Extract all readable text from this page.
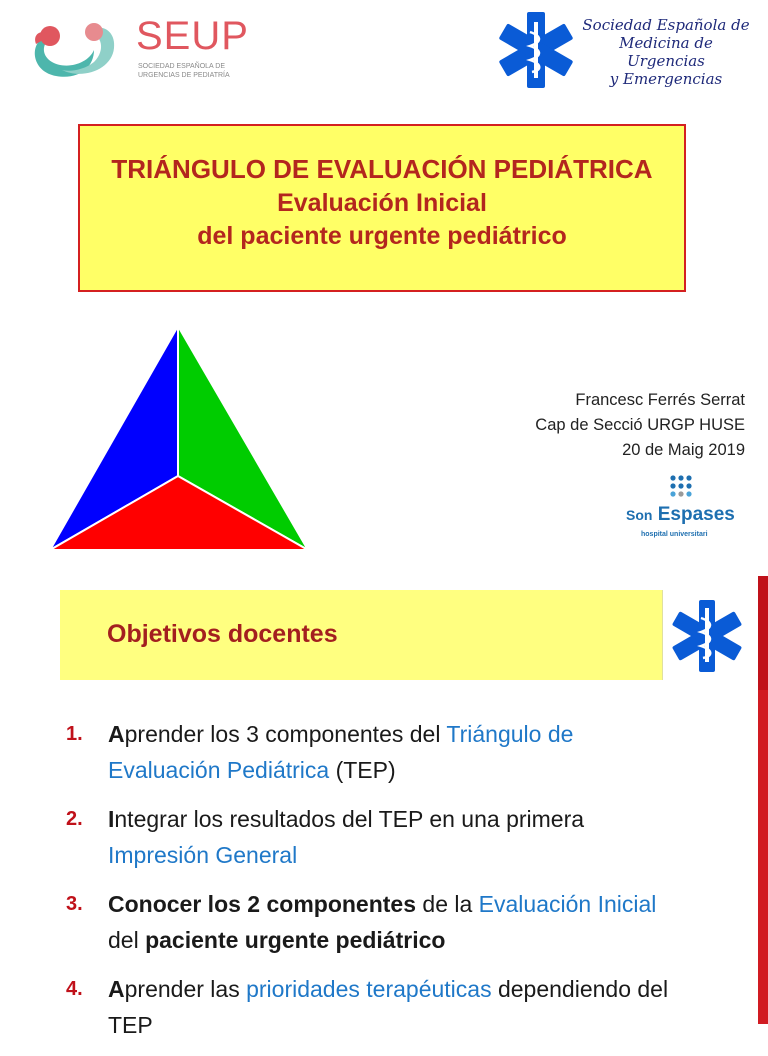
SEUP
SOCIEDAD ESPAÑOLA DE
URGENCIAS DE PEDIATRÍA
Sociedad Española de
Medicina de Urgencias
y Emergencias
TRIÁNGULO DE EVALUACIÓN PEDIÁTRICA
Evaluación Inicial
del paciente urgente pediátrico
Francesc Ferrés Serrat
Cap de Secció URGP HUSE
20 de Maig 2019
Son Espases
hospital universitari
Objetivos docentes
1. Aprender los 3 componentes del Triángulo de Evaluación Pediátrica (TEP)
2. Integrar los resultados del TEP en una primera Impresión General
3. Conocer los 2 componentes de la Evaluación Inicial del paciente urgente pediátrico
4. Aprender las prioridades terapéuticas dependiendo del TEP
